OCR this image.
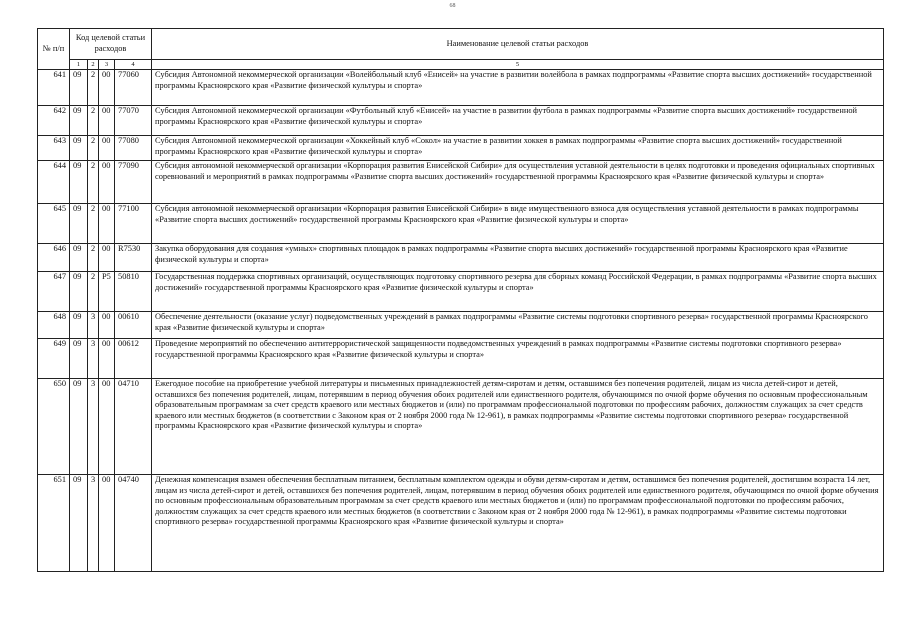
68
№ п/п	Код целевой статьи расходов				Наименование целевой статьи расходов
	1	2	3	4	5
641	09	2	00	77060	Субсидия Автономной некоммерческой организации «Волейбольный клуб «Енисей» на участие в развитии волейбола в рамках подпрограммы «Развитие спорта высших достижений» государственной программы Красноярского края «Развитие физической культуры и спорта»
642	09	2	00	77070	Субсидия Автономной некоммерческой организации «Футбольный клуб «Енисей» на участие в развитии футбола в рамках подпрограммы «Развитие спорта высших достижений» государственной программы Красноярского края «Развитие физической культуры и спорта»
643	09	2	00	77080	Субсидия Автономной некоммерческой организации «Хоккейный клуб «Сокол» на участие в развитии хоккея в рамках подпрограммы «Развитие спорта высших достижений» государственной программы Красноярского края «Развитие физической культуры и спорта»
644	09	2	00	77090	Субсидия автономной некоммерческой организации «Корпорация развития Енисейской Сибири» для осуществления уставной деятельности в целях подготовки и проведения официальных спортивных соревнований и мероприятий в рамках подпрограммы «Развитие спорта высших достижений» государственной программы Красноярского края «Развитие физической культуры и спорта»
645	09	2	00	77100	Субсидия автономной некоммерческой организации «Корпорация развития Енисейской Сибири» в виде имущественного взноса для осуществления уставной деятельности в рамках подпрограммы «Развитие спорта высших достижений» государственной программы Красноярского края «Развитие физической культуры и спорта»
646	09	2	00	R7530	Закупка оборудования для создания «умных» спортивных площадок в рамках подпрограммы «Развитие спорта высших достижений» государственной программы Красноярского края «Развитие физической культуры и спорта»
647	09	2	P5	50810	Государственная поддержка спортивных организаций, осуществляющих подготовку спортивного резерва для сборных команд Российской Федерации, в рамках подпрограммы «Развитие спорта высших достижений» государственной программы Красноярского края «Развитие физической культуры и спорта»
648	09	3	00	00610	Обеспечение деятельности (оказание услуг) подведомственных учреждений в рамках подпрограммы «Развитие системы подготовки спортивного резерва» государственной программы Красноярского края «Развитие физической культуры и спорта»
649	09	3	00	00612	Проведение мероприятий по обеспечению антитеррористической защищенности подведомственных учреждений в рамках подпрограммы «Развитие системы подготовки спортивного резерва» государственной программы Красноярского края «Развитие физической культуры и спорта»
650	09	3	00	04710	Ежегодное пособие на приобретение учебной литературы и письменных принадлежностей детям-сиротам и детям, оставшимся без попечения родителей, лицам из числа детей-сирот и детей, оставшихся без попечения родителей, лицам, потерявшим в период обучения обоих родителей или единственного родителя, обучающимся по очной форме обучения по основным профессиональным образовательным программам за счет средств краевого или местных бюджетов и (или) по программам профессиональной подготовки по профессиям рабочих, должностям служащих за счет средств краевого или местных бюджетов (в соответствии с Законом края от 2 ноября 2000 года № 12-961), в рамках подпрограммы «Развитие системы подготовки спортивного резерва» государственной программы Красноярского края «Развитие физической культуры и спорта»
651	09	3	00	04740	Денежная компенсация взамен обеспечения бесплатным питанием, бесплатным комплектом одежды и обуви детям-сиротам и детям, оставшимся без попечения родителей, достигшим возраста 14 лет, лицам из числа детей-сирот и детей, оставшихся без попечения родителей, лицам, потерявшим в период обучения обоих родителей или единственного родителя, обучающимся по очной форме обучения по основным профессиональным образовательным программам за счет средств краевого или местных бюджетов и (или) по программам профессиональной подготовки по профессиям рабочих, должностям служащих за счет средств краевого или местных бюджетов (в соответствии с Законом края от 2 ноября 2000 года № 12-961), в рамках подпрограммы «Развитие системы подготовки спортивного резерва» государственной программы Красноярского края «Развитие физической культуры и спорта»
